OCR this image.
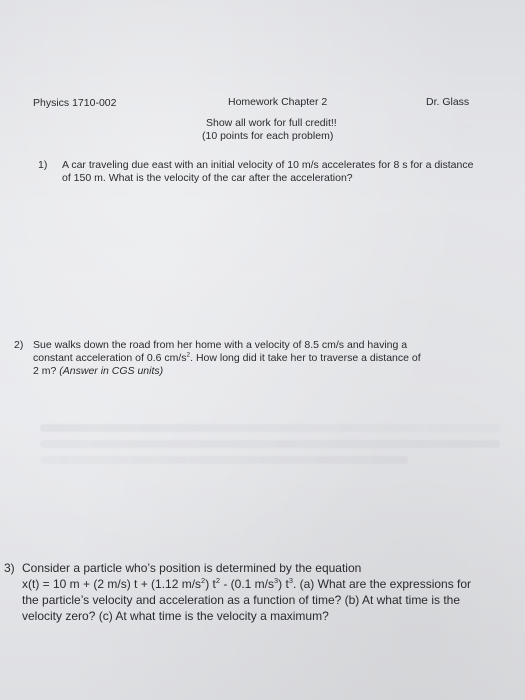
Physics 1710-002	Homework Chapter 2	Dr. Glass
Show all work for full credit!!
(10 points for each problem)
1) A car traveling due east with an initial velocity of 10 m/s accelerates for 8 s for a distance
of 150 m. What is the velocity of the car after the acceleration?
2) Sue walks down the road from her home with a velocity of 8.5 cm/s and having a
constant acceleration of 0.6 $cm/s^2$. How long did it take her to traverse a distance of
2 m? (Answer in CGS units)
3) Consider a particle who’s position is determined by the equation
x(t) = 10 m + (2 m/s) t + (1.12 $m/s^2$) $t^2 - (0.1$ $m/s^3$) $t^3$. (a) What are the expressions for
the particle’s velocity and acceleration as a function of time? (b) At what time is the
velocity zero? (c) At what time is the velocity a maximum?
